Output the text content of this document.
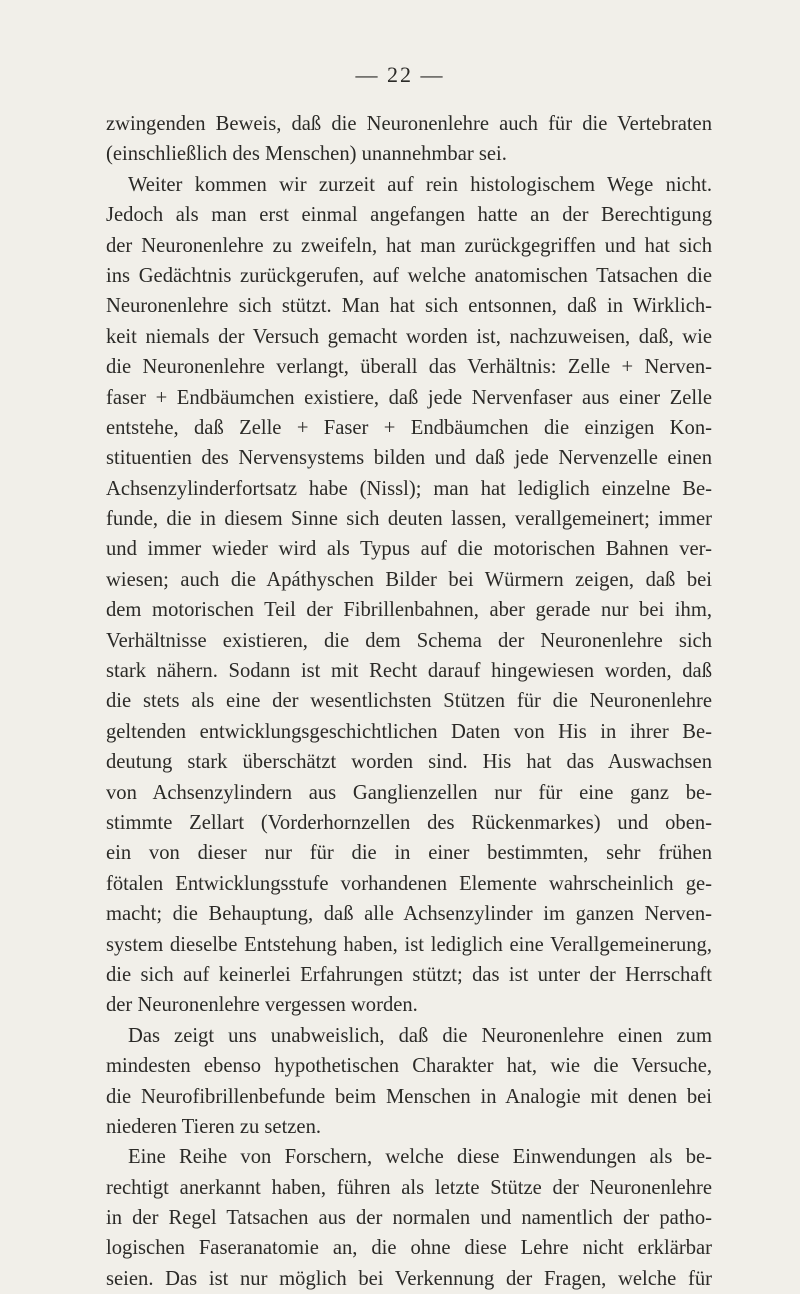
— 22 —
zwingenden Beweis, daß die Neuronenlehre auch für die Vertebraten
(einschließlich des Menschen) unannehmbar sei.
Weiter kommen wir zurzeit auf rein histologischem Wege nicht.
Jedoch als man erst einmal angefangen hatte an der Berechtigung
der Neuronenlehre zu zweifeln, hat man zurückgegriffen und hat sich
ins Gedächtnis zurückgerufen, auf welche anatomischen Tatsachen die
Neuronenlehre sich stützt. Man hat sich entsonnen, daß in Wirklich-
keit niemals der Versuch gemacht worden ist, nachzuweisen, daß, wie
die Neuronenlehre verlangt, überall das Verhältnis: Zelle + Nerven-
faser + Endbäumchen existiere, daß jede Nervenfaser aus einer Zelle
entstehe, daß Zelle + Faser + Endbäumchen die einzigen Kon-
stituentien des Nervensystems bilden und daß jede Nervenzelle einen
Achsenzylinderfortsatz habe (Nissl); man hat lediglich einzelne Be-
funde, die in diesem Sinne sich deuten lassen, verallgemeinert; immer
und immer wieder wird als Typus auf die motorischen Bahnen ver-
wiesen; auch die Apáthyschen Bilder bei Würmern zeigen, daß bei
dem motorischen Teil der Fibrillenbahnen, aber gerade nur bei ihm,
Verhältnisse existieren, die dem Schema der Neuronenlehre sich
stark nähern. Sodann ist mit Recht darauf hingewiesen worden, daß
die stets als eine der wesentlichsten Stützen für die Neuronenlehre
geltenden entwicklungsgeschichtlichen Daten von His in ihrer Be-
deutung stark überschätzt worden sind. His hat das Auswachsen
von Achsenzylindern aus Ganglienzellen nur für eine ganz be-
stimmte Zellart (Vorderhornzellen des Rückenmarkes) und oben-
ein von dieser nur für die in einer bestimmten, sehr frühen
fötalen Entwicklungsstufe vorhandenen Elemente wahrscheinlich ge-
macht; die Behauptung, daß alle Achsenzylinder im ganzen Nerven-
system dieselbe Entstehung haben, ist lediglich eine Verallgemeinerung,
die sich auf keinerlei Erfahrungen stützt; das ist unter der Herrschaft
der Neuronenlehre vergessen worden.
Das zeigt uns unabweislich, daß die Neuronenlehre einen zum
mindesten ebenso hypothetischen Charakter hat, wie die Versuche,
die Neurofibrillenbefunde beim Menschen in Analogie mit denen bei
niederen Tieren zu setzen.
Eine Reihe von Forschern, welche diese Einwendungen als be-
rechtigt anerkannt haben, führen als letzte Stütze der Neuronenlehre
in der Regel Tatsachen aus der normalen und namentlich der patho-
logischen Faseranatomie an, die ohne diese Lehre nicht erklärbar
seien. Das ist nur möglich bei Verkennung der Fragen, welche für
